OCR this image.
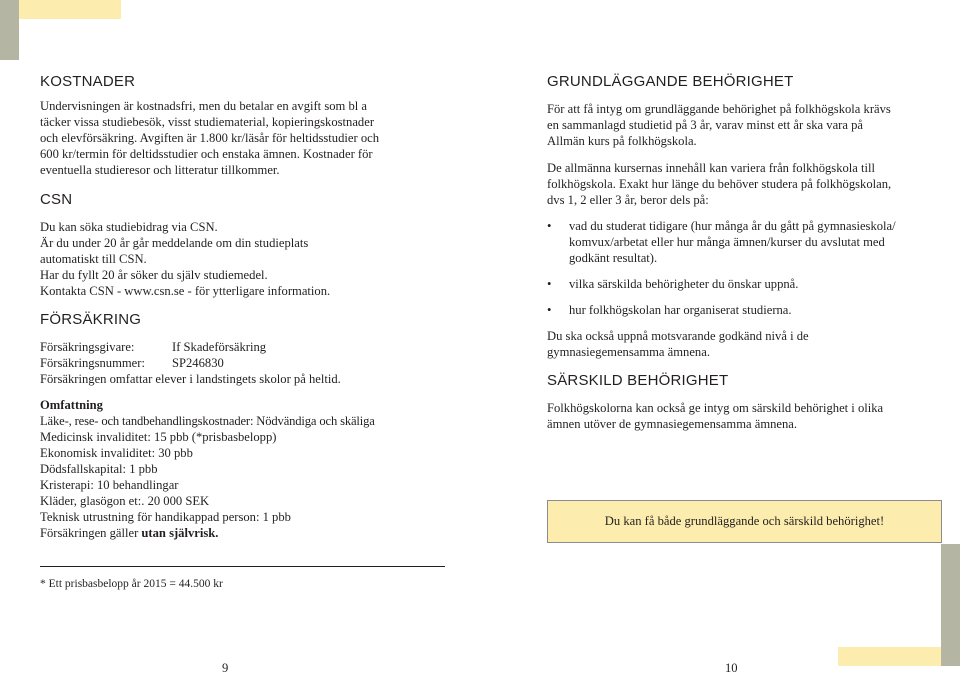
KOSTNADER
Undervisningen är kostnadsfri, men du betalar en avgift som bl a
täcker vissa studiebesök, visst studiematerial, kopieringskostnader
och elevförsäkring. Avgiften är 1.800 kr/läsår för heltidsstudier och
600 kr/termin för deltidsstudier och enstaka ämnen. Kostnader för
eventuella studieresor och litteratur tillkommer.
CSN
Du kan söka studiebidrag via CSN.
Är du under 20 år går meddelande om din studieplats
automatiskt till CSN.
Har du fyllt 20 år söker du själv studiemedel.
Kontakta CSN - www.csn.se - för ytterligare information.
FÖRSÄKRING
Försäkringsgivare:	If Skadeförsäkring
Försäkringsnummer: SP246830
Försäkringen omfattar elever i landstingets skolor på heltid.
Omfattning
Läke-, rese- och tandbehandlingskostnader: Nödvändiga och skäliga
Medicinsk invaliditet: 15 pbb (*prisbasbelopp)
Ekonomisk invaliditet: 30 pbb
Dödsfallskapital: 1 pbb
Kristerapi: 10 behandlingar
Kläder, glasögon et:. 20 000 SEK
Teknisk utrustning för handikappad person: 1 pbb
Försäkringen gäller utan självrisk.
* Ett prisbasbelopp år 2015 = 44.500 kr
9
GRUNDLÄGGANDE BEHÖRIGHET
För att få intyg om grundläggande behörighet på folkhögskola krävs
en sammanlagd studietid på 3 år, varav minst ett år ska vara på
Allmän kurs på folkhögskola.
De allmänna kursernas innehåll kan variera från folkhögskola till
folkhögskola. Exakt hur länge du behöver studera på folkhögskolan,
dvs 1, 2 eller 3 år, beror dels på:
• vad du studerat tidigare (hur många år du gått på gymnasieskola/
komvux/arbetat eller hur många ämnen/kurser du avslutat med
godkänt resultat).
• vilka särskilda behörigheter du önskar uppnå.
• hur folkhögskolan har organiserat studierna.
Du ska också uppnå motsvarande godkänd nivå i de
gymnasiegemensamma ämnena.
SÄRSKILD BEHÖRIGHET
Folkhögskolorna kan också ge intyg om särskild behörighet i olika
ämnen utöver de gymnasiegemensamma ämnena.
Du kan få både grundläggande och särskild behörighet!
10
